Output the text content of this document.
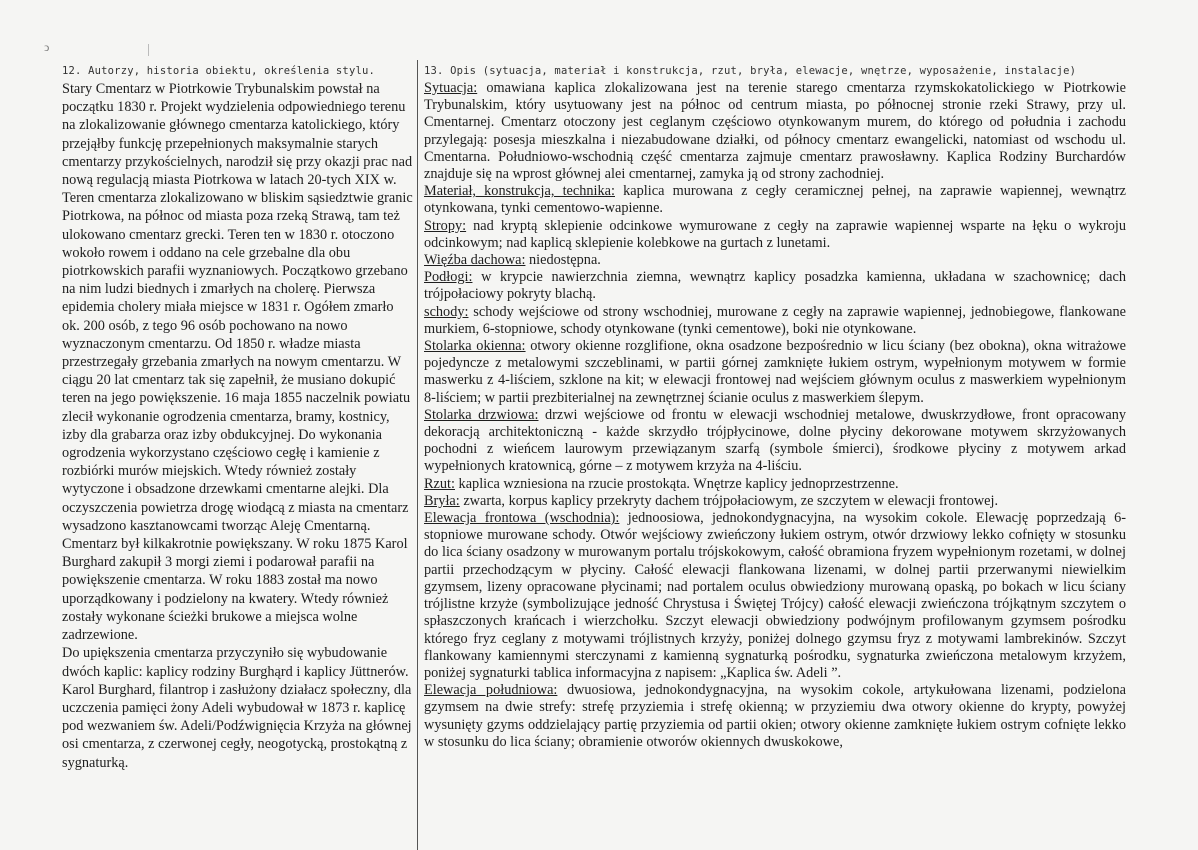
ↄ
12. Autorzy, historia obiektu, określenia stylu.

Stary Cmentarz w Piotrkowie Trybunalskim powstał na początku 1830 r. Projekt wydzielenia odpowiedniego terenu na zlokalizowanie głównego cmentarza katolickiego, który przejąłby funkcję przepełnionych maksymalnie starych cmentarzy przykościelnych, narodził się przy okazji prac nad nową regulacją miasta Piotrkowa w latach 20-tych XIX w. Teren cmentarza zlokalizowano w bliskim sąsiedztwie granic Piotrkowa, na północ od miasta poza rzeką Strawą, tam też ulokowano cmentarz grecki. Teren ten w 1830 r. otoczono wokoło rowem i oddano na cele grzebalne dla obu piotrkowskich parafii wyznaniowych. Początkowo grzebano na nim ludzi biednych i zmarłych na cholerę. Pierwsza epidemia cholery miała miejsce w 1831 r. Ogółem zmarło ok. 200 osób, z tego 96 osób pochowano na nowo wyznaczonym cmentarzu. Od 1850 r. władze miasta przestrzegały grzebania zmarłych na nowym cmentarzu. W ciągu 20 lat cmentarz tak się zapełnił, że musiano dokupić teren na jego powiększenie. 16 maja 1855 naczelnik powiatu zlecił wykonanie ogrodzenia cmentarza, bramy, kostnicy, izby dla grabarza oraz izby obdukcyjnej. Do wykonania ogrodzenia wykorzystano częściowo cegłę i kamienie z rozbiórki murów miejskich. Wtedy również zostały wytyczone i obsadzone drzewkami cmentarne alejki. Dla oczyszczenia powietrza drogę wiodącą z miasta na cmentarz wysadzono kasztanowcami tworząc Aleję Cmentarną. Cmentarz był kilkakrotnie powiększany. W roku 1875 Karol Burghard zakupił 3 morgi ziemi i podarował parafii na powiększenie cmentarza. W roku 1883 został ma nowo uporządkowany i podzielony na kwatery. Wtedy również zostały wykonane ścieżki brukowe a miejsca wolne zadrzewione.

Do upiększenia cmentarza przyczyniło się wybudowanie dwóch kaplic: kaplicy rodziny Burghąrd i kaplicy Jüttnerów. Karol Burghard, filantrop i zasłużony działacz społeczny, dla uczczenia pamięci żony Adeli wybudował w 1873 r. kaplicę pod wezwaniem św. Adeli/Podźwignięcia Krzyża na głównej osi cmentarza, z czerwonej cegły, neogotycką, prostokątną z sygnaturką.

13. Opis (sytuacja, materiał i konstrukcja, rzut, bryła, elewacje, wnętrze, wyposażenie, instalacje)

Sytuacja: omawiana kaplica zlokalizowana jest na terenie starego cmentarza rzymskokatolickiego w Piotrkowie Trybunalskim, który usytuowany jest na północ od centrum miasta, po północnej stronie rzeki Strawy, przy ul. Cmentarnej. Cmentarz otoczony jest ceglanym częściowo otynkowanym murem, do którego od południa i zachodu przylegają: posesja mieszkalna i niezabudowane działki, od północy cmentarz ewangelicki, natomiast od wschodu ul. Cmentarna. Południowo-wschodnią część cmentarza zajmuje cmentarz prawosławny. Kaplica Rodziny Burchardów znajduje się na wprost głównej alei cmentarnej, zamyka ją od strony zachodniej.

Materiał, konstrukcja, technika: kaplica murowana z cegły ceramicznej pełnej, na zaprawie wapiennej, wewnątrz otynkowana, tynki cementowo-wapienne.

Stropy: nad kryptą sklepienie odcinkowe wymurowane z cegły na zaprawie wapiennej wsparte na łęku o wykroju odcinkowym; nad kaplicą sklepienie kolebkowe na gurtach z lunetami.

Więźba dachowa: niedostępna.

Podłogi: w krypcie nawierzchnia ziemna, wewnątrz kaplicy posadzka kamienna, układana w szachownicę; dach trójpołaciowy pokryty blachą.

schody: schody wejściowe od strony wschodniej, murowane z cegły na zaprawie wapiennej, jednobiegowe, flankowane murkiem, 6-stopniowe, schody otynkowane (tynki cementowe), boki nie otynkowane.

Stolarka okienna: otwory okienne rozglifione, okna osadzone bezpośrednio w licu ściany (bez obokna), okna witrażowe pojedyncze z metalowymi szczeblinami, w partii górnej zamknięte łukiem ostrym, wypełnionym motywem w formie maswerku z 4-liściem, szklone na kit; w elewacji frontowej nad wejściem głównym oculus z maswerkiem wypełnionym 8-liściem; w partii prezbiterialnej na zewnętrznej ścianie oculus z maswerkiem ślepym.

Stolarka drzwiowa: drzwi wejściowe od frontu w elewacji wschodniej metalowe, dwuskrzydłowe, front opracowany dekoracją architektoniczną - każde skrzydło trójpłycinowe, dolne płyciny dekorowane motywem skrzyżowanych pochodni z wieńcem laurowym przewiązanym szarfą (symbole śmierci), środkowe płyciny z motywem arkad wypełnionych kratownicą, górne – z motywem krzyża na 4-liściu.

Rzut: kaplica wzniesiona na rzucie prostokąta. Wnętrze kaplicy jednoprzestrzenne.

Bryła: zwarta, korpus kaplicy przekryty dachem trójpołaciowym, ze szczytem w elewacji frontowej.

Elewacja frontowa (wschodnia): jednoosiowa, jednokondygnacyjna, na wysokim cokole. Elewację poprzedzają 6-stopniowe murowane schody. Otwór wejściowy zwieńczony łukiem ostrym, otwór drzwiowy lekko cofnięty w stosunku do lica ściany osadzony w murowanym portalu trójskokowym, całość obramiona fryzem wypełnionym rozetami, w dolnej partii przechodzącym w płyciny. Całość elewacji flankowana lizenami, w dolnej partii przerwanymi niewielkim gzymsem, lizeny opracowane płycinami; nad portalem oculus obwiedziony murowaną opaską, po bokach w licu ściany trójlistne krzyże (symbolizujące jedność Chrystusa i Świętej Trójcy) całość elewacji zwieńczona trójkątnym szczytem o spłaszczonych krańcach i wierzchołku. Szczyt elewacji obwiedziony podwójnym profilowanym gzymsem pośrodku którego fryz ceglany z motywami trójlistnych krzyży, poniżej dolnego gzymsu fryz z motywami lambrekinów. Szczyt flankowany kamiennymi sterczynami z kamienną sygnaturką pośrodku, sygnaturka zwieńczona metalowym krzyżem, poniżej sygnaturki tablica informacyjna z napisem: „Kaplica św. Adeli ”.

Elewacja południowa: dwuosiowa, jednokondygnacyjna, na wysokim cokole, artykułowana lizenami, podzielona gzymsem na dwie strefy: strefę przyziemia i strefę okienną; w przyziemiu dwa otwory okienne do krypty, powyżej wysunięty gzyms oddzielający partię przyziemia od partii okien; otwory okienne zamknięte łukiem ostrym cofnięte lekko w stosunku do lica ściany; obramienie otworów okiennych dwuskokowe,
